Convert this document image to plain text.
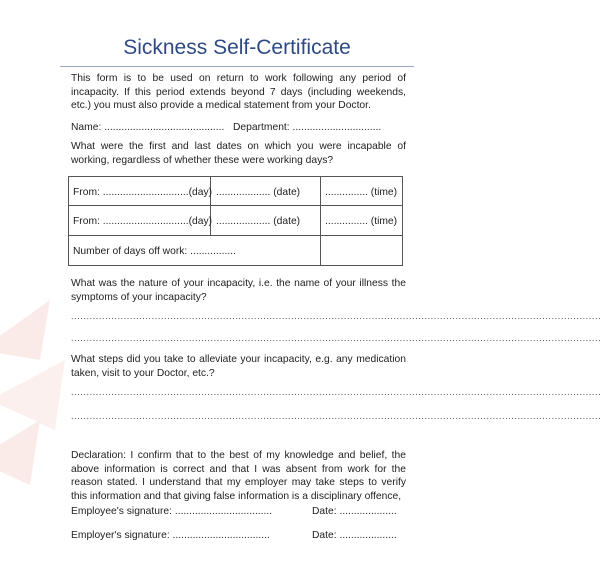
Sickness Self-Certificate
This form is to be used on return to work following any period of incapacity. If this period extends beyond 7 days (including weekends, etc.) you must also provide a medical statement from your Doctor.
Name: .......................................... Department: ...............................
What were the first and last dates on which you were incapable of working, regardless of whether these were working days?
From: ..............................(day) ................... (date) ............... (time)
From: ..............................(day) ................... (date) ............... (time)
Number of days off work: ................
What was the nature of your incapacity, i.e. the name of your illness the symptoms of your incapacity?
...........................................................................................................................................................................
...........................................................................................................................................................................
What steps did you take to alleviate your incapacity, e.g. any medication taken, visit to your Doctor, etc.?
...........................................................................................................................................................................
...........................................................................................................................................................................
Declaration: I confirm that to the best of my knowledge and belief, the above information is correct and that I was absent from work for the reason stated. I understand that my employer may take steps to verify this information and that giving false information is a disciplinary offence,
Employee's signature: ..................................	Date: ....................
Employer's signature: ..................................	Date: ....................
